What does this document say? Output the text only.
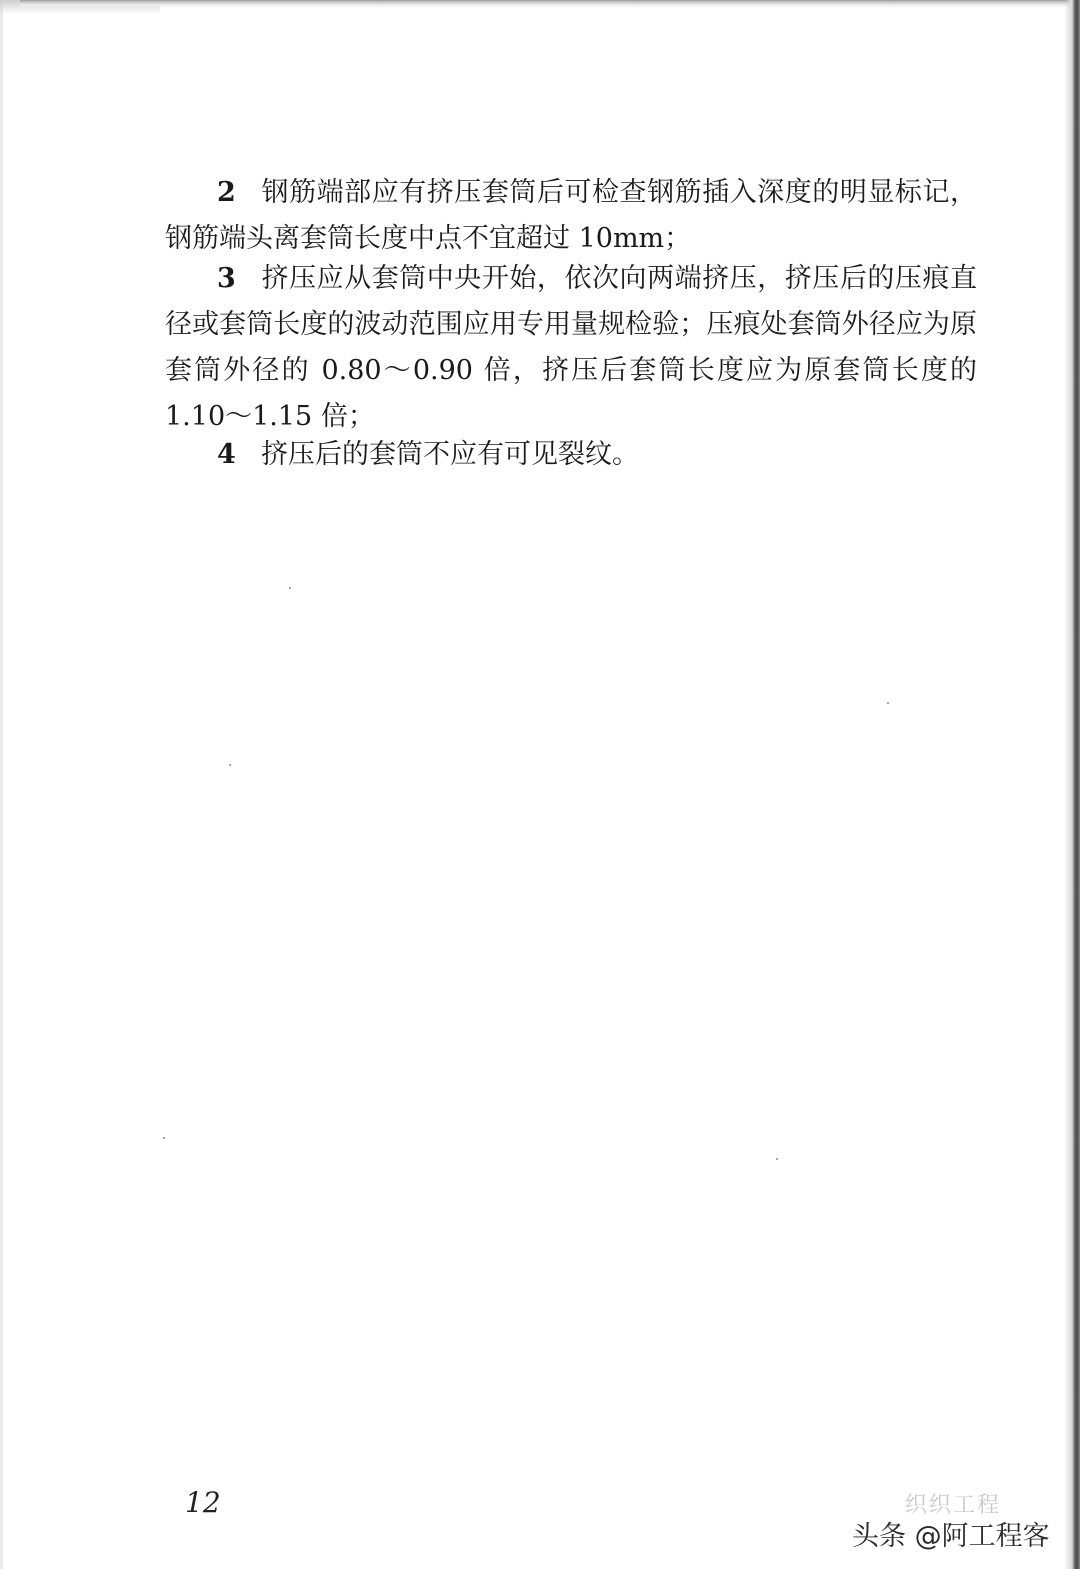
2 钢筋端部应有挤压套筒后可检查钢筋插入深度的明显标记，钢筋端头离套筒长度中点不宜超过 10mm；
3 挤压应从套筒中央开始，依次向两端挤压，挤压后的压痕直径或套筒长度的波动范围应用专用量规检验；压痕处套筒外径应为原套筒外径的 0.80～0.90 倍，挤压后套筒长度应为原套筒长度的 1.10～1.15 倍；
4 挤压后的套筒不应有可见裂纹。
12	织织工程
头条 @阿工程客
